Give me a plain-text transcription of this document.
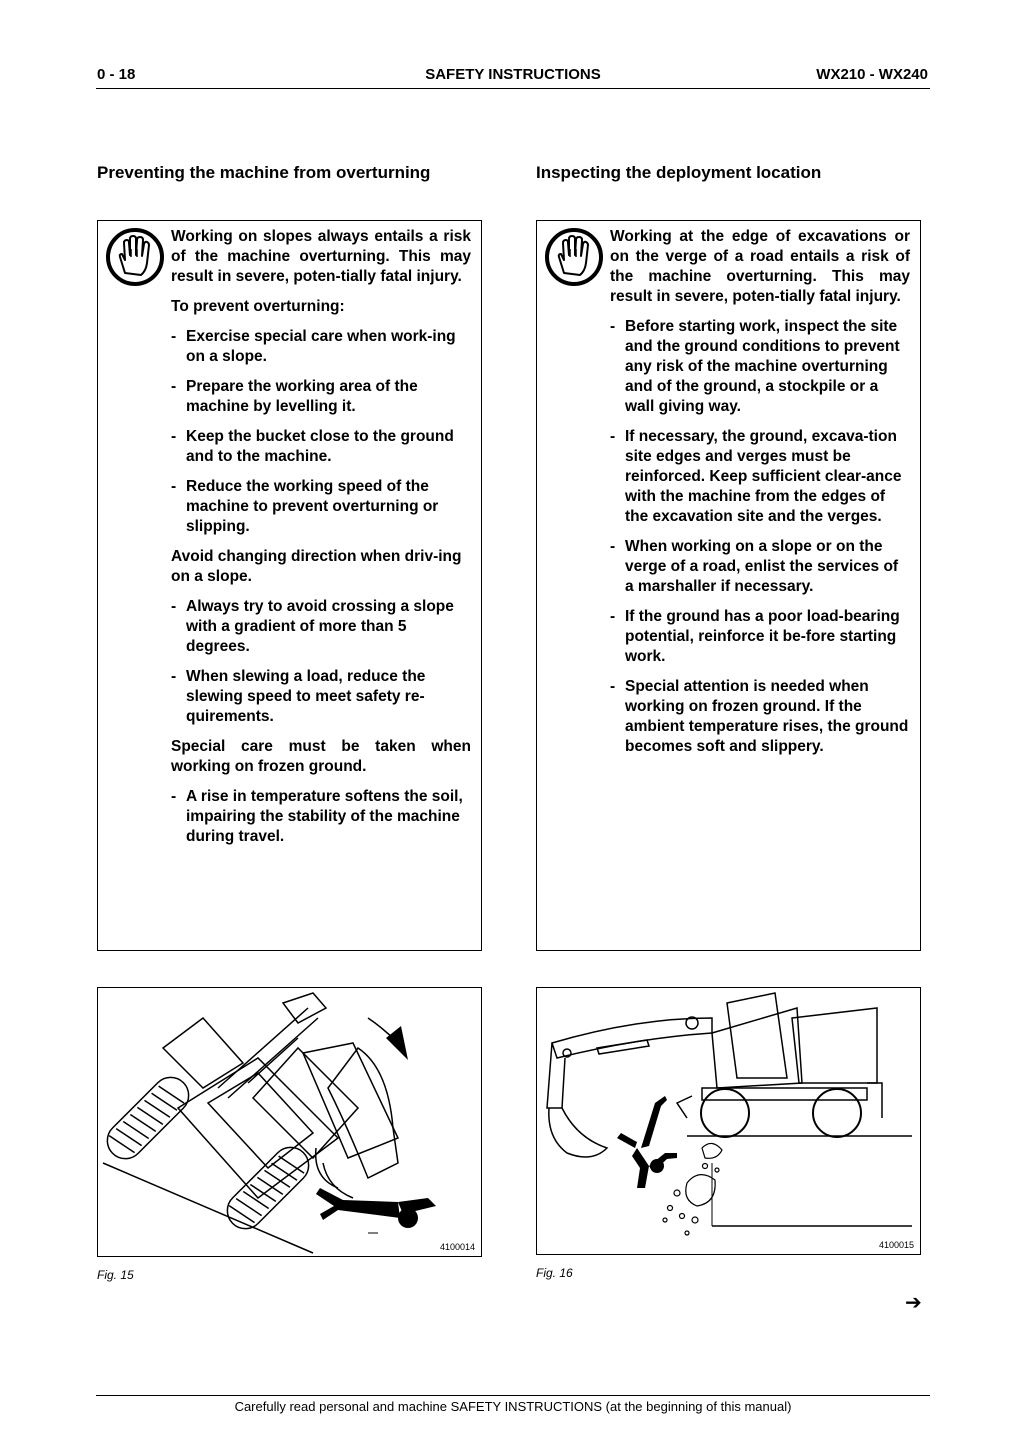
0 - 18	SAFETY INSTRUCTIONS	WX210 - WX240
Preventing the machine from overturning	Inspecting the deployment location

Working on slopes always entails a risk of the machine overturning. This may result in severe, poten-tially fatal injury.

To prevent overturning:

- Exercise special care when work-ing on a slope.
- Prepare the working area of the machine by levelling it.
- Keep the bucket close to the ground and to the machine.
- Reduce the working speed of the machine to prevent overturning or slipping.

Avoid changing direction when driv-ing on a slope.

- Always try to avoid crossing a slope with a gradient of more than 5 degrees.
- When slewing a load, reduce the slewing speed to meet safety re-quirements.

Special care must be taken when working on frozen ground.

- A rise in temperature softens the soil, impairing the stability of the machine during travel.

Working at the edge of excavations or on the verge of a road entails a risk of the machine overturning. This may result in severe, poten-tially fatal injury.

- Before starting work, inspect the site and the ground conditions to prevent any risk of the machine overturning and of the ground, a stockpile or a wall giving way.
- If necessary, the ground, excava-tion site edges and verges must be reinforced. Keep sufficient clear-ance with the machine from the edges of the excavation site and the verges.
- When working on a slope or on the verge of a road, enlist the services of a marshaller if necessary.
- If the ground has a poor load-bearing potential, reinforce it be-fore starting work.
- Special attention is needed when working on frozen ground. If the ambient temperature rises, the ground becomes soft and slippery.
4100014
Fig. 15
4100015
Fig. 16
➔
Carefully read personal and machine SAFETY INSTRUCTIONS (at the beginning of this manual)
